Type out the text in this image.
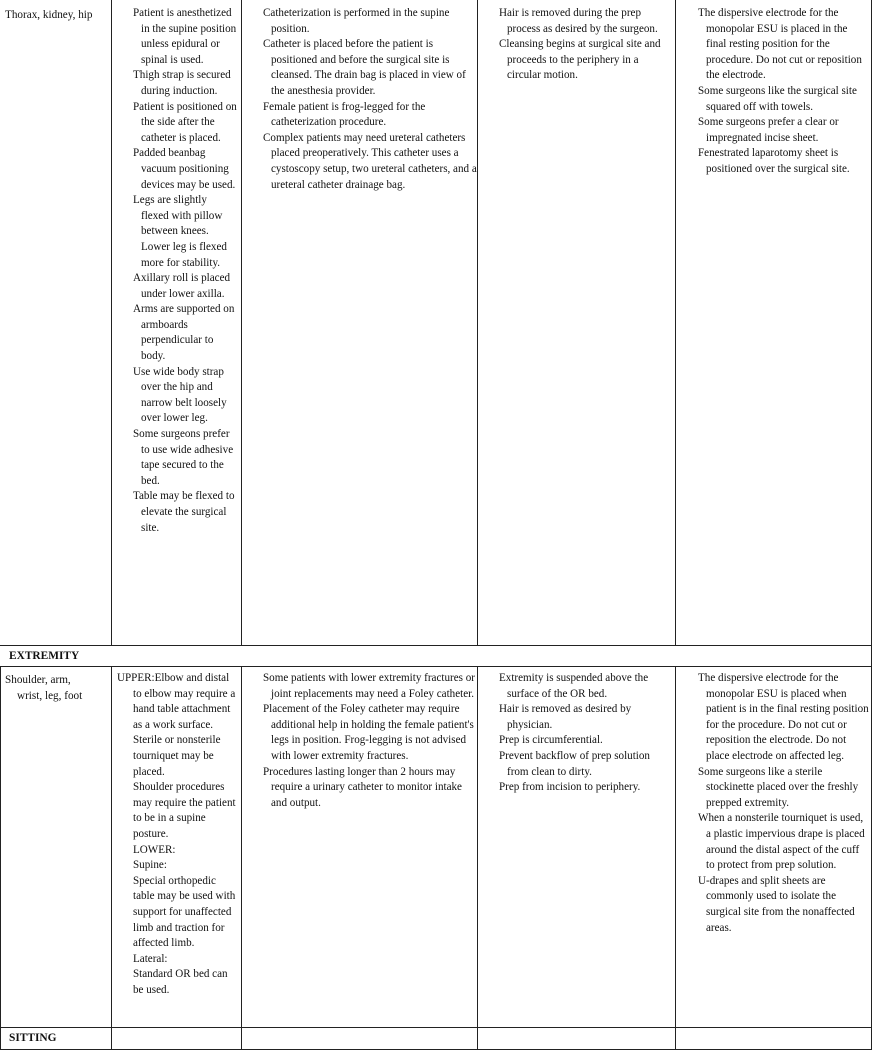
Thorax, kidney, hip	Patient is anesthetized in the supine position unless epidural or spinal is used.
Thigh strap is secured during induction.
Patient is positioned on the side after the catheter is placed.
Padded beanbag vacuum positioning devices may be used.
Legs are slightly flexed with pillow between knees. Lower leg is flexed more for stability.
Axillary roll is placed under lower axilla.
Arms are supported on armboards perpendicular to body.
Use wide body strap over the hip and narrow belt loosely over lower leg.
Some surgeons prefer to use wide adhesive tape secured to the bed.
Table may be flexed to elevate the surgical site.
Catheterization is performed in the supine position.
Catheter is placed before the patient is positioned and before the surgical site is cleansed. The drain bag is placed in view of the anesthesia provider.
Female patient is frog-legged for the catheterization procedure.
Complex patients may need ureteral catheters placed preoperatively. This catheter uses a cystoscopy setup, two ureteral catheters, and a ureteral catheter drainage bag.
Hair is removed during the prep process as desired by the surgeon.
Cleansing begins at surgical site and proceeds to the periphery in a circular motion.
The dispersive electrode for the monopolar ESU is placed in the final resting position for the procedure. Do not cut or reposition the electrode.
Some surgeons like the surgical site squared off with towels.
Some surgeons prefer a clear or impregnated incise sheet.
Fenestrated laparotomy sheet is positioned over the surgical site.
EXTREMITY
Shoulder, arm,
wrist, leg, foot
UPPER:Elbow and distal to elbow may require a hand table attachment as a work surface. Sterile or nonsterile tourniquet may be placed.
Shoulder procedures may require the patient to be in a supine posture.
LOWER:
Supine:
Special orthopedic table may be used with support for unaffected limb and traction for affected limb.
Lateral:
Standard OR bed can be used.
Some patients with lower extremity fractures or joint replacements may need a Foley catheter.
Placement of the Foley catheter may require additional help in holding the female patient's legs in position. Frog-legging is not advised with lower extremity fractures.
Procedures lasting longer than 2 hours may require a urinary catheter to monitor intake and output.
Extremity is suspended above the surface of the OR bed.
Hair is removed as desired by physician.
Prep is circumferential.
Prevent backflow of prep solution from clean to dirty.
Prep from incision to periphery.
The dispersive electrode for the monopolar ESU is placed when patient is in the final resting position for the procedure. Do not cut or reposition the electrode. Do not place electrode on affected leg.
Some surgeons like a sterile stockinette placed over the freshly prepped extremity.
When a nonsterile tourniquet is used, a plastic impervious drape is placed around the distal aspect of the cuff to protect from prep solution.
U-drapes and split sheets are commonly used to isolate the surgical site from the nonaffected areas.
SITTING
